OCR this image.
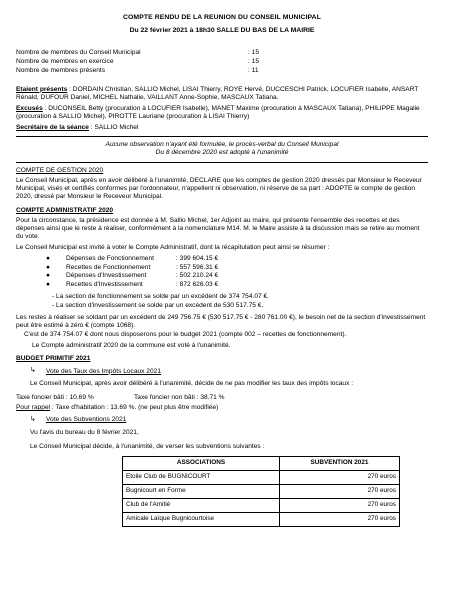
COMPTE RENDU DE LA REUNION DU CONSEIL MUNICIPAL
Du 22 février 2021 à 18h30 SALLE DU BAS DE LA MAIRIE
Nombre de membres du Conseil Municipal	: 15
Nombre de membres en exercice	: 15
Nombre de membres présents	: 11

Etaient présents : DORDAIN Christian, SALLIO Michel, LISAI Thierry, ROYE Hervé, DUCCESCHI Patrick, LOCUFIER Isabelle, ANSART Rénald, DUFOUR Daniel, MICHEL Nathalie, VAILLANT Anne-Sophie, MASCAUX Tatiana.

Excusés : DUCONSEIL Betty (procuration à LOCUFIER Isabelle), MANET Maxime (procuration à MASCAUX Tatiana), PHILIPPE Magalie (procuration à SALLIO Michel), PIROTTE Lauriane (procuration à LISAI Thierry)

Secrétaire de la séance : SALLIO Michel

Aucune observation n'ayant été formulée, le procès-verbal du Conseil Municipal
Du 8 décembre 2020 est adopté à l'unanimité
COMPTE DE GESTION 2020

Le Conseil Municipal, après en avoir délibéré à l'unanimité, DECLARE que les comptes de gestion 2020 dressés par Monsieur le Receveur Municipal, visés et certifiés conformes par l'ordonnateur, n'appellent ni observation, ni réserve de sa part : ADOPTE le compte de gestion 2020, dressé par Monsieur le Receveur Municipal.

COMPTE ADMINISTRATIF 2020

Pour la circonstance, la présidence est donnée à M. Sallio Michel, 1er Adjoint au maire, qui présente l'ensemble des recettes et des dépenses ainsi que le reste à réaliser, conformément à la nomenclature M14. M. le Maire assiste à la discussion mais se retire au moment du vote.

Le Conseil Municipal est invité à voter le Compte Administratif, dont la récapitulation peut ainsi se résumer :

●	Dépenses de Fonctionnement	: 399 604.15 €
●	Recettes de Fonctionnement	: 557 596.31 €
●	Dépenses d'Investissement	: 502 210.24 €
●	Recettes d'Investissement	: 872 626.03 €
- La section de fonctionnement se solde par un excédent de 374 754.07 €.
- La section d'investissement se solde par un excédent de 530 517.75 €.

Les restes à réaliser se soldant par un excédent de 249 756.75 € (530 517.75 € - 280 761.00 €), le besoin net de la section d'investissement peut être estimé à zéro € (compte 1068).

C'est de 374 754.07 € dont nous disposerons pour le budget 2021 (compte 002 – recettes de fonctionnement).

Le Compte administratif 2020 de la commune est voté à l'unanimité.

BUDGET PRIMITIF 2021
↳	Vote des Taux des Impôts Locaux 2021

Le Conseil Municipal, après avoir délibéré à l'unanimité, décide de ne pas modifier les taux des impôts locaux :

Taxe foncier bâti : 10.69 %	Taxe foncier non bâti : 38.71 %

Pour rappel : Taxe d'habitation : 13.69 %. (ne peut plus être modifiée)

↳	Vote des Subventions 2021

Vu l'avis du bureau du 8 février 2021,

Le Conseil Municipal décide, à l'unanimité, de verser les subventions suivantes :

ASSOCIATIONS	SUBVENTION 2021
Etoile Club de BUGNICOURT	270 euros
Bugnicourt en Forme	270 euros
Club de l'Amitié	270 euros
Amicale Laïque Bugnicourtoise	270 euros
